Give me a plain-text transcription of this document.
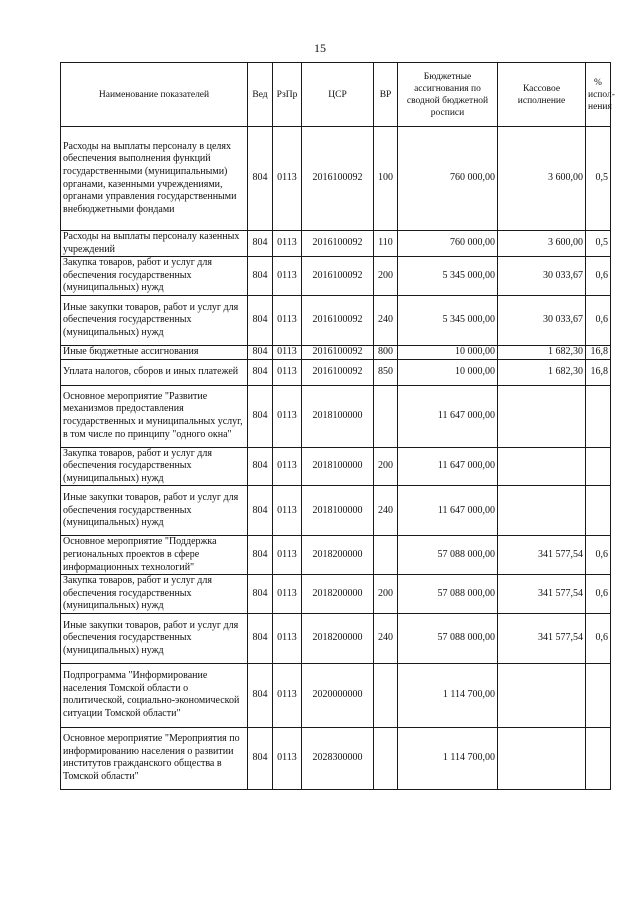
15
Наименование показателей	Вед	РзПр	ЦСР	ВР	Бюджетные ассигнования по сводной бюджетной росписи	Кассовое исполнение	% испол- нения
Расходы на выплаты персоналу в целях обеспечения выполнения функций государственными (муниципальными) органами, казенными учреждениями, органами управления государственными внебюджетными фондами	804	0113	2016100092	100	760 000,00	3 600,00	0,5
Расходы на выплаты персоналу казенных учреждений	804	0113	2016100092	110	760 000,00	3 600,00	0,5
Закупка товаров, работ и услуг для обеспечения государственных (муниципальных) нужд	804	0113	2016100092	200	5 345 000,00	30 033,67	0,6
Иные закупки товаров, работ и услуг для обеспечения государственных (муниципальных) нужд	804	0113	2016100092	240	5 345 000,00	30 033,67	0,6
Иные бюджетные ассигнования	804	0113	2016100092	800	10 000,00	1 682,30	16,8
Уплата налогов, сборов и иных платежей	804	0113	2016100092	850	10 000,00	1 682,30	16,8
Основное мероприятие "Развитие механизмов предоставления государственных и муниципальных услуг, в том числе по принципу "одного окна"	804	0113	2018100000		11 647 000,00		
Закупка товаров, работ и услуг для обеспечения государственных (муниципальных) нужд	804	0113	2018100000	200	11 647 000,00		
Иные закупки товаров, работ и услуг для обеспечения государственных (муниципальных) нужд	804	0113	2018100000	240	11 647 000,00		
Основное мероприятие "Поддержка региональных проектов в сфере информационных технологий"	804	0113	2018200000		57 088 000,00	341 577,54	0,6
Закупка товаров, работ и услуг для обеспечения государственных (муниципальных) нужд	804	0113	2018200000	200	57 088 000,00	341 577,54	0,6
Иные закупки товаров, работ и услуг для обеспечения государственных (муниципальных) нужд	804	0113	2018200000	240	57 088 000,00	341 577,54	0,6
Подпрограмма "Информирование населения Томской области о политической, социально-экономической ситуации Томской области"	804	0113	2020000000		1 114 700,00		
Основное мероприятие "Мероприятия по информированию населения о развитии институтов гражданского общества в Томской области"	804	0113	2028300000		1 114 700,00		
